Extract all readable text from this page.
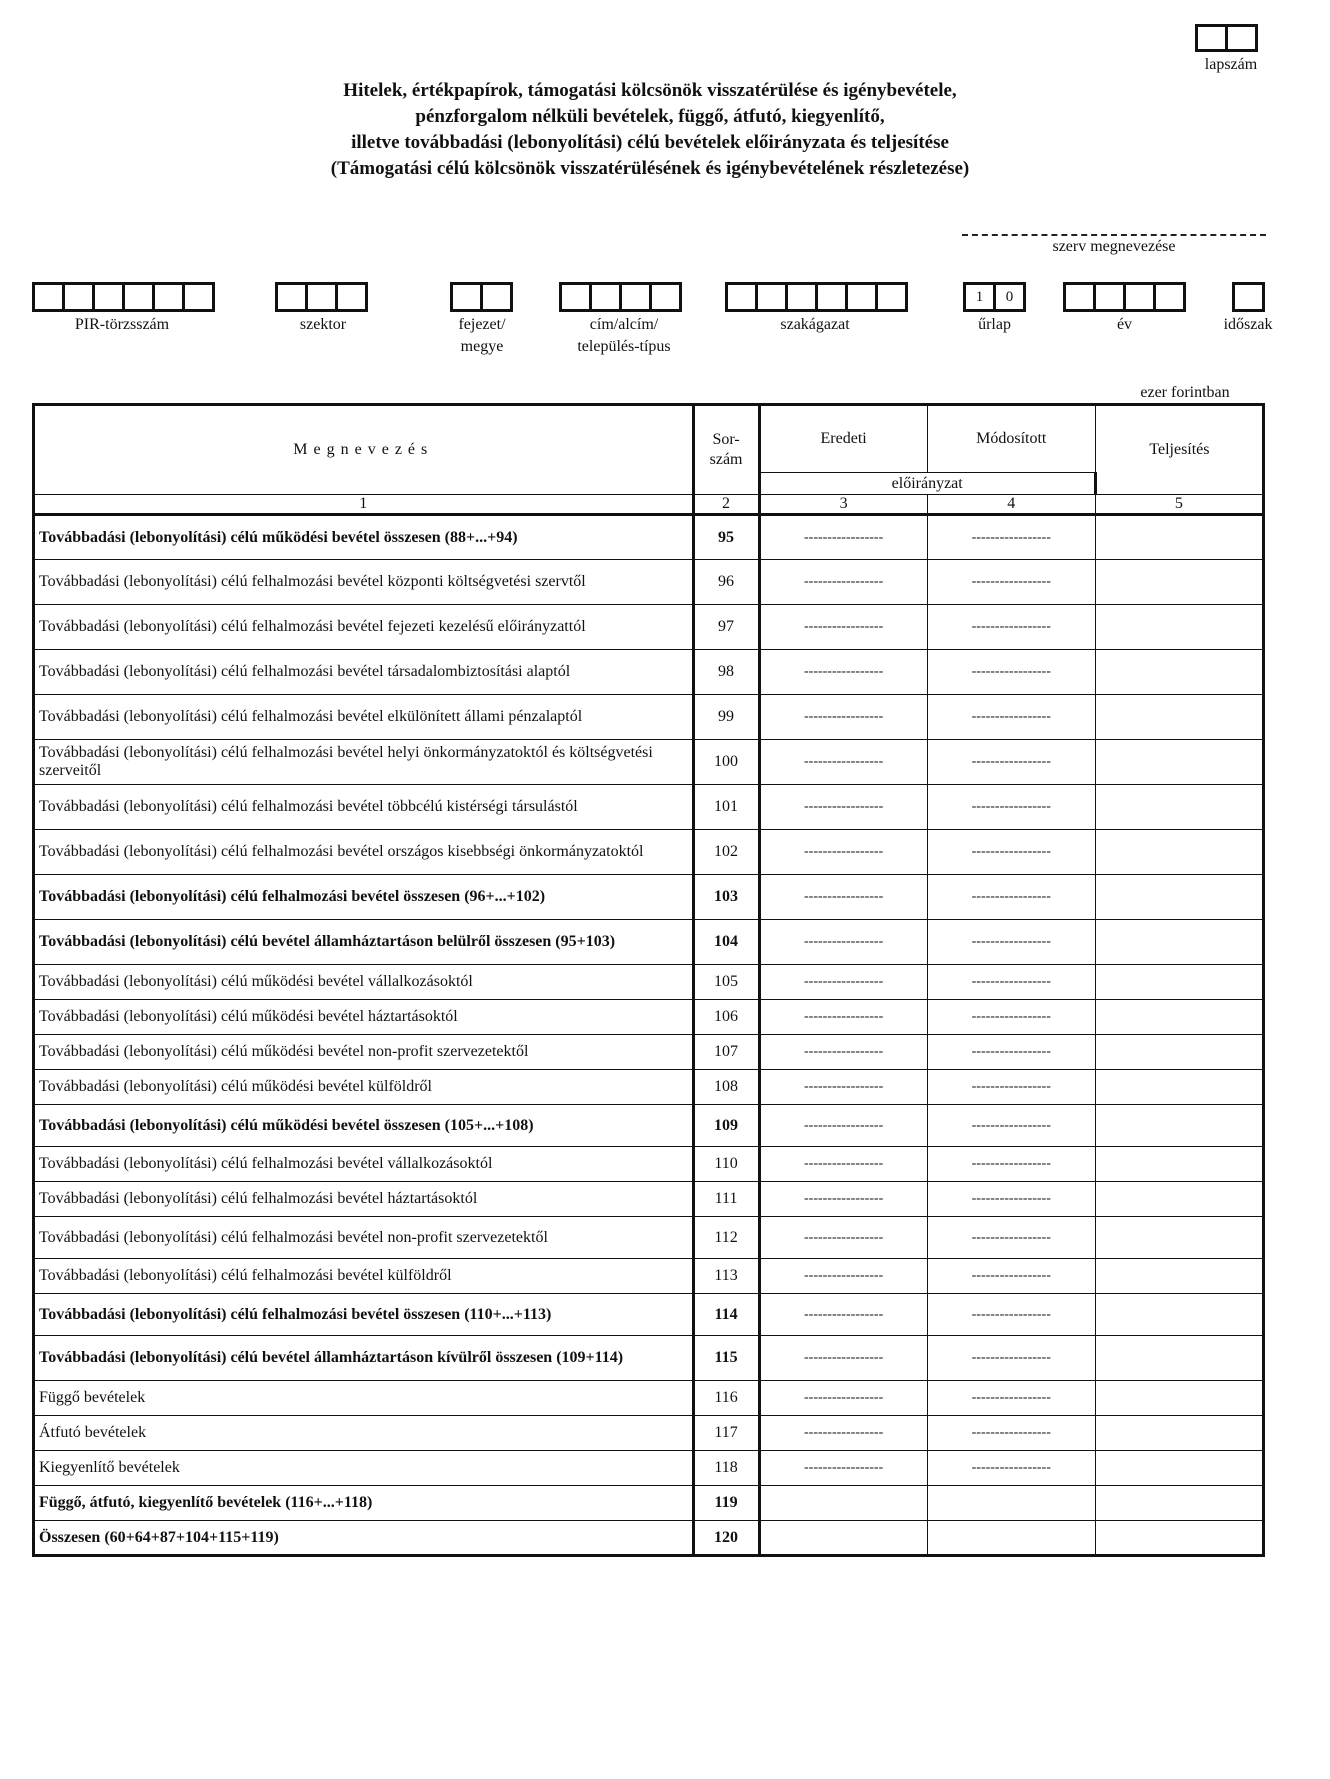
lapszám
Hitelek, értékpapírok, támogatási kölcsönök visszatérülése és igénybevétele,
pénzforgalom nélküli bevételek, függő, átfutó, kiegyenlítő,
illetve továbbadási (lebonyolítási) célú bevételek előirányzata és teljesítése
(Támogatási célú kölcsönök visszatérülésének és igénybevételének részletezése)
szerv megnevezése
PIR-törzsszám	szektor	fejezet/
megye
cím/alcím/
település-típus
szakágazat
1	0
űrlap	év	időszak
ezer forintban
Megnevezés	Sor-szám	Eredeti	Módosított	Teljesítés
		előirányzat		
1	2	3	4	5
Továbbadási (lebonyolítási) célú működési bevétel összesen (88+...+94)	95	-----------------	-----------------	
Továbbadási (lebonyolítási) célú felhalmozási bevétel központi költségvetési szervtől	96	-----------------	-----------------	
Továbbadási (lebonyolítási) célú felhalmozási bevétel fejezeti kezelésű előirányzattól	97	-----------------	-----------------	
Továbbadási (lebonyolítási) célú felhalmozási bevétel társadalombiztosítási alaptól	98	-----------------	-----------------	
Továbbadási (lebonyolítási) célú felhalmozási bevétel elkülönített állami pénzalaptól	99	-----------------	-----------------	
Továbbadási (lebonyolítási) célú felhalmozási bevétel helyi önkormányzatoktól és költségvetési szerveitől	100	-----------------	-----------------	
Továbbadási (lebonyolítási) célú felhalmozási bevétel többcélú kistérségi társulástól	101	-----------------	-----------------	
Továbbadási (lebonyolítási) célú felhalmozási bevétel országos kisebbségi önkormányzatoktól	102	-----------------	-----------------	
Továbbadási (lebonyolítási) célú felhalmozási bevétel összesen (96+...+102)	103	-----------------	-----------------	
Továbbadási (lebonyolítási) célú bevétel államháztartáson belülről összesen (95+103)	104	-----------------	-----------------	
Továbbadási (lebonyolítási) célú működési bevétel vállalkozásoktól	105	-----------------	-----------------	
Továbbadási (lebonyolítási) célú működési bevétel háztartásoktól	106	-----------------	-----------------	
Továbbadási (lebonyolítási) célú működési bevétel non-profit szervezetektől	107	-----------------	-----------------	
Továbbadási (lebonyolítási) célú működési bevétel külföldről	108	-----------------	-----------------	
Továbbadási (lebonyolítási) célú működési bevétel összesen (105+...+108)	109	-----------------	-----------------	
Továbbadási (lebonyolítási) célú felhalmozási bevétel vállalkozásoktól	110	-----------------	-----------------	
Továbbadási (lebonyolítási) célú felhalmozási bevétel háztartásoktól	111	-----------------	-----------------	
Továbbadási (lebonyolítási) célú felhalmozási bevétel non-profit szervezetektől	112	-----------------	-----------------	
Továbbadási (lebonyolítási) célú felhalmozási bevétel külföldről	113	-----------------	-----------------	
Továbbadási (lebonyolítási) célú felhalmozási bevétel összesen (110+...+113)	114	-----------------	-----------------	
Továbbadási (lebonyolítási) célú bevétel államháztartáson kívülről összesen (109+114)	115	-----------------	-----------------	
Függő bevételek	116	-----------------	-----------------	
Átfutó bevételek	117	-----------------	-----------------	
Kiegyenlítő bevételek	118	-----------------	-----------------	
Függő, átfutó, kiegyenlítő bevételek (116+...+118)	119			
Összesen (60+64+87+104+115+119)	120			
